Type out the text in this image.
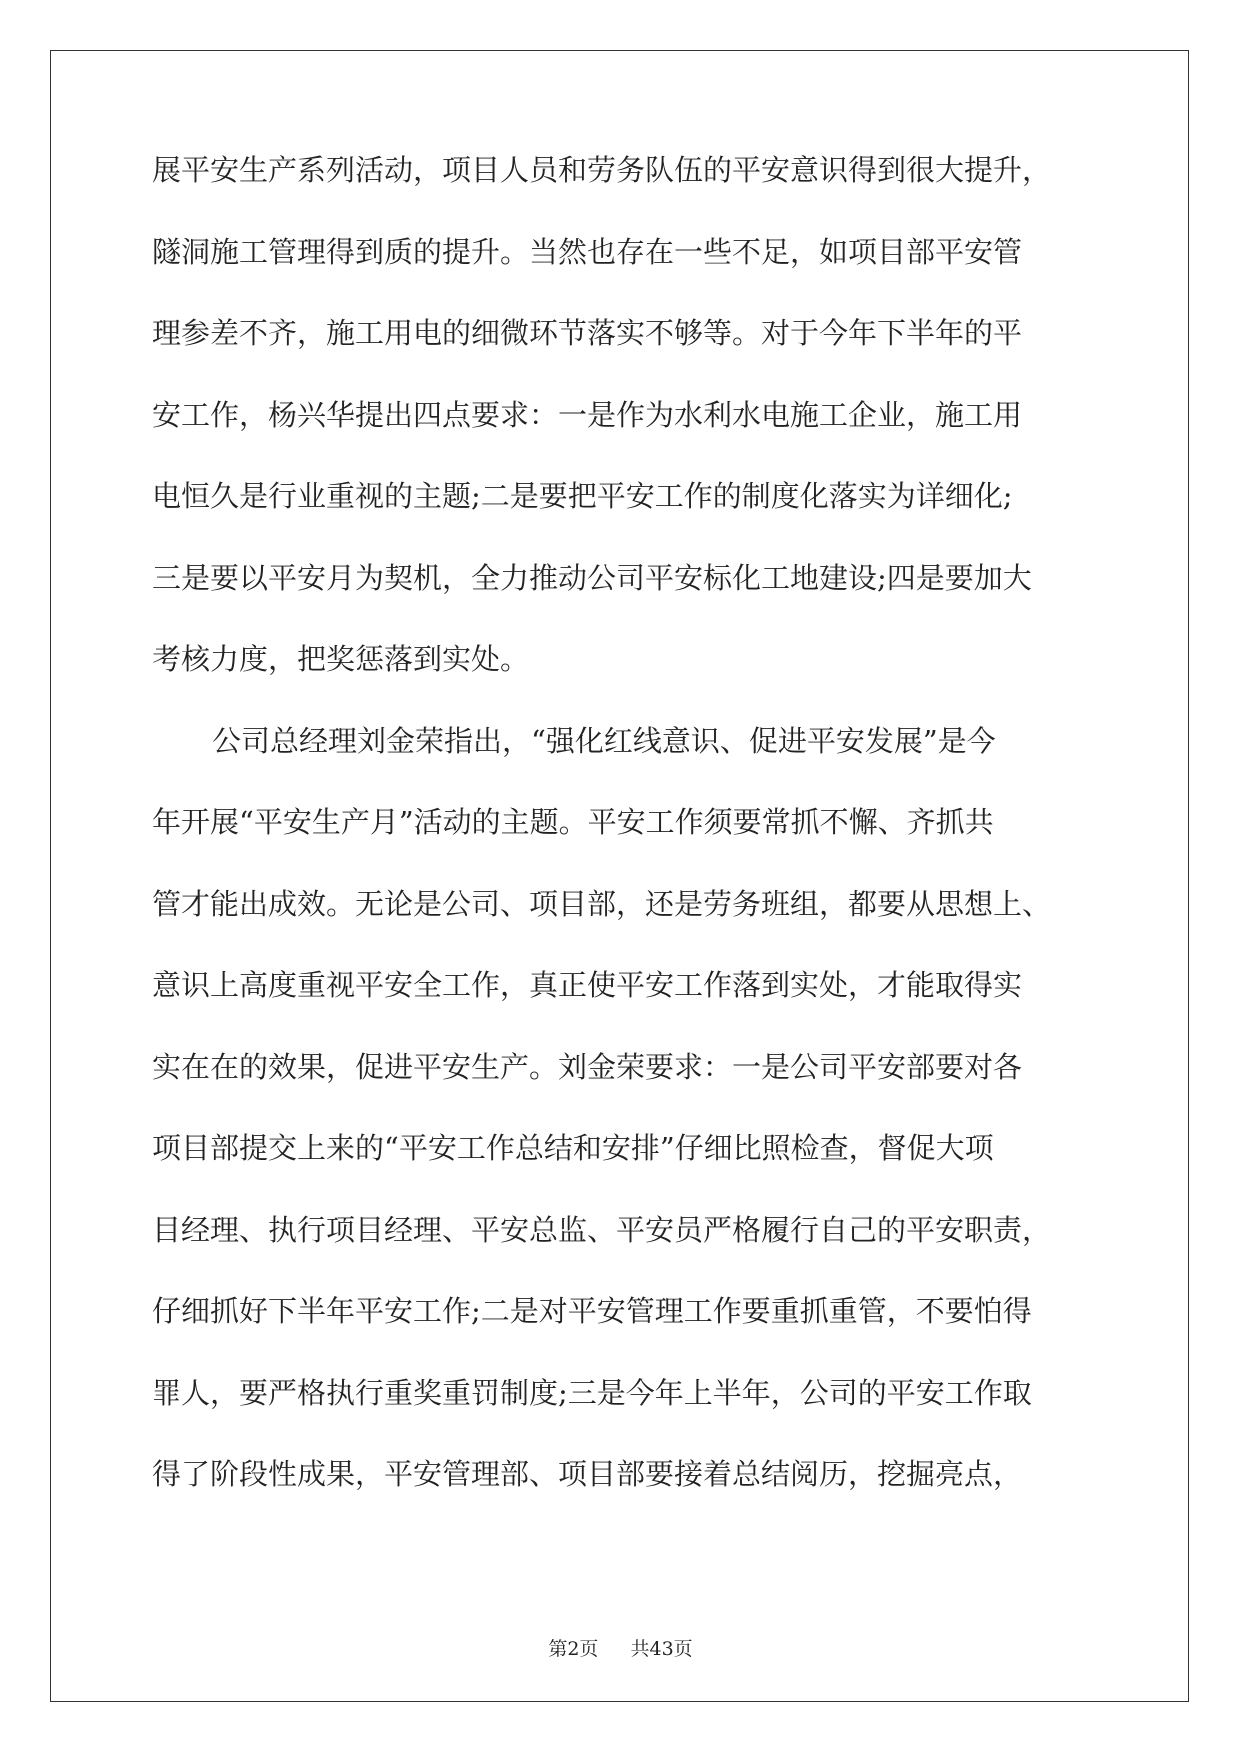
展平安生产系列活动，项目人员和劳务队伍的平安意识得到很大提升，
隧洞施工管理得到质的提升。当然也存在一些不足，如项目部平安管
理参差不齐，施工用电的细微环节落实不够等。对于今年下半年的平
安工作，杨兴华提出四点要求：一是作为水利水电施工企业，施工用
电恒久是行业重视的主题;二是要把平安工作的制度化落实为详细化;
三是要以平安月为契机，全力推动公司平安标化工地建设;四是要加大
考核力度，把奖惩落到实处。
公司总经理刘金荣指出，“强化红线意识、促进平安发展”是今
年开展“平安生产月”活动的主题。平安工作须要常抓不懈、齐抓共
管才能出成效。无论是公司、项目部，还是劳务班组，都要从思想上、
意识上高度重视平安全工作，真正使平安工作落到实处，才能取得实
实在在的效果，促进平安生产。刘金荣要求：一是公司平安部要对各
项目部提交上来的“平安工作总结和安排”仔细比照检查，督促大项
目经理、执行项目经理、平安总监、平安员严格履行自己的平安职责，
仔细抓好下半年平安工作;二是对平安管理工作要重抓重管，不要怕得
罪人，要严格执行重奖重罚制度;三是今年上半年，公司的平安工作取
得了阶段性成果，平安管理部、项目部要接着总结阅历，挖掘亮点，
第2页 共43页
